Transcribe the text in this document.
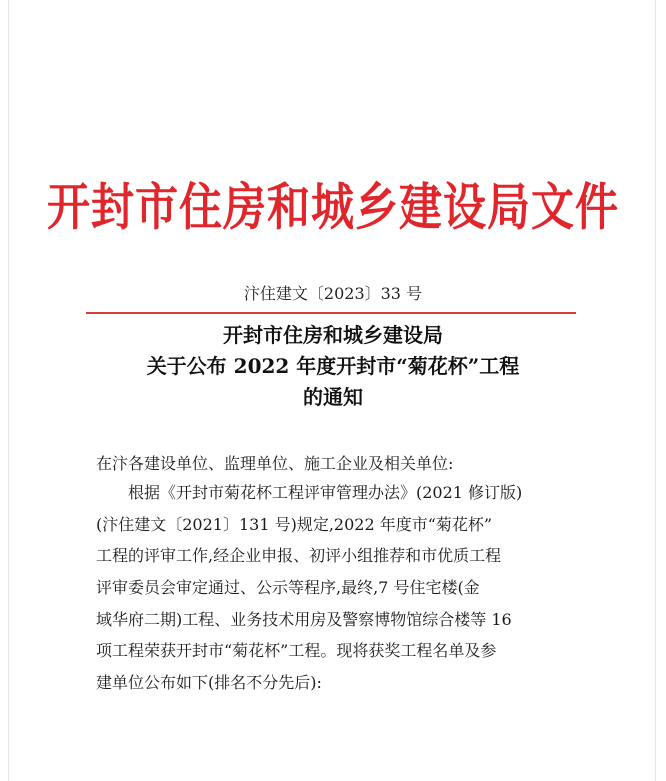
开封市住房和城乡建设局文件
汴住建文〔2023〕33 号
开封市住房和城乡建设局
关于公布 2022 年度开封市“菊花杯”工程
的通知
在汴各建设单位、监理单位、施工企业及相关单位:
根据《开封市菊花杯工程评审管理办法》(2021 修订版)
(汴住建文〔2021〕131 号)规定,2022 年度市“菊花杯”
工程的评审工作,经企业申报、初评小组推荐和市优质工程
评审委员会审定通过、公示等程序,最终,7 号住宅楼(金
域华府二期)工程、业务技术用房及警察博物馆综合楼等 16
项工程荣获开封市“菊花杯”工程。现将获奖工程名单及参
建单位公布如下(排名不分先后):
